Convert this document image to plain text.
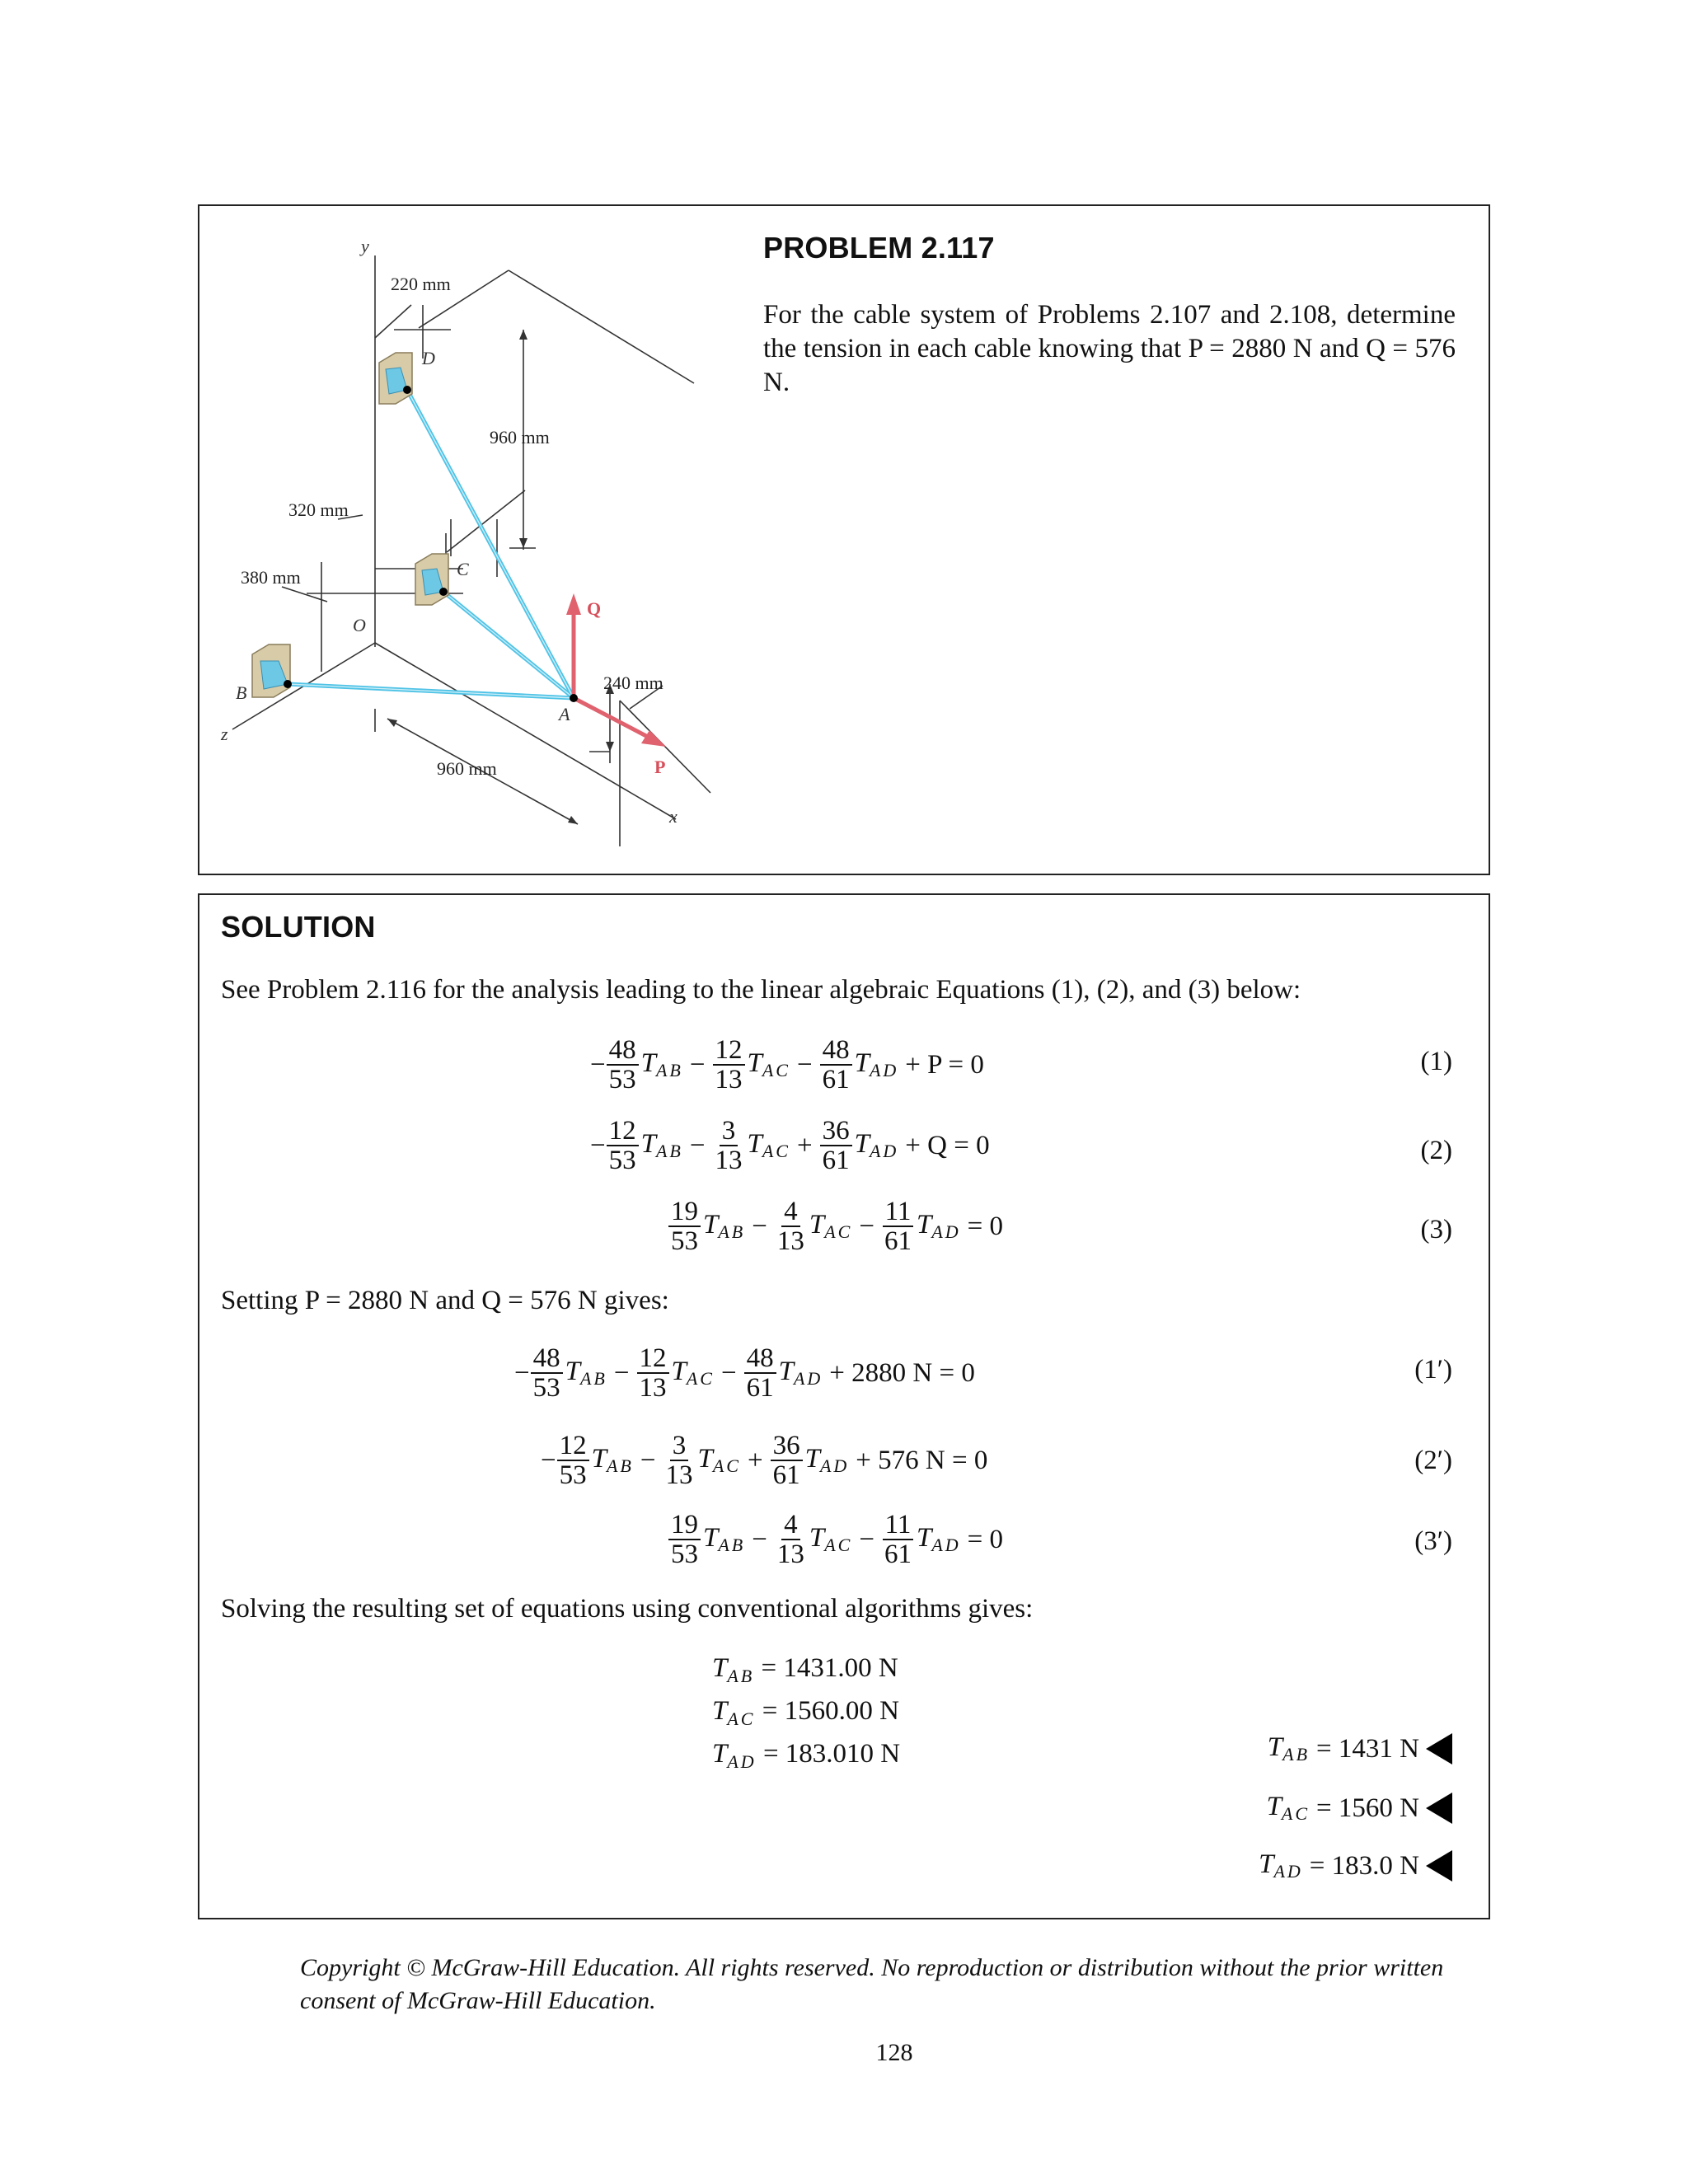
y
z
x
220 mm
960 mm
320 mm
380 mm
240 mm
960 mm
D
C
B
O
A
Q
P
PROBLEM 2.117
For the cable system of Problems 2.107 and 2.108, determine the tension in each cable knowing that P = 2880 N and Q = 576 N.
SOLUTION
See Problem 2.116 for the analysis leading to the linear algebraic Equations (1), (2), and (3) below:
− $\frac{48}{53} T_{AB} - \frac{12}{13} T_{AC} - \frac{48}{61} T_{AD} + P = 0$	(1)
− $\frac{12}{53} T_{AB} - \frac{3}{13} T_{AC} + \frac{36}{61} T_{AD} + Q = 0$	(2)
$\frac{19}{53} T_{AB} - \frac{4}{13} T_{AC} - \frac{11}{61} T_{AD} = 0$	(3)
Setting P = 2880 N and Q = 576 N gives:
− $\frac{48}{53} T_{AB} - \frac{12}{13} T_{AC} - \frac{48}{61} T_{AD} + 2880$ N = 0	(1′)
− $\frac{12}{53} T_{AB} - \frac{3}{13} T_{AC} + \frac{36}{61} T_{AD} + 576$ N = 0	(2′)
$\frac{19}{53} T_{AB} - \frac{4}{13} T_{AC} - \frac{11}{61} T_{AD} = 0$	(3′)
Solving the resulting set of equations using conventional algorithms gives:
$T_{AB} = 1431.00$ N
$T_{AC} = 1560.00$ N
$T_{AD} = 183.010$ N	$T_{AB} = 1431$ N
$T_{AC} = 1560$ N
$T_{AD} = 183.0$ N
Copyright © McGraw-Hill Education. All rights reserved. No reproduction or distribution without the prior written consent of McGraw-Hill Education.
128
